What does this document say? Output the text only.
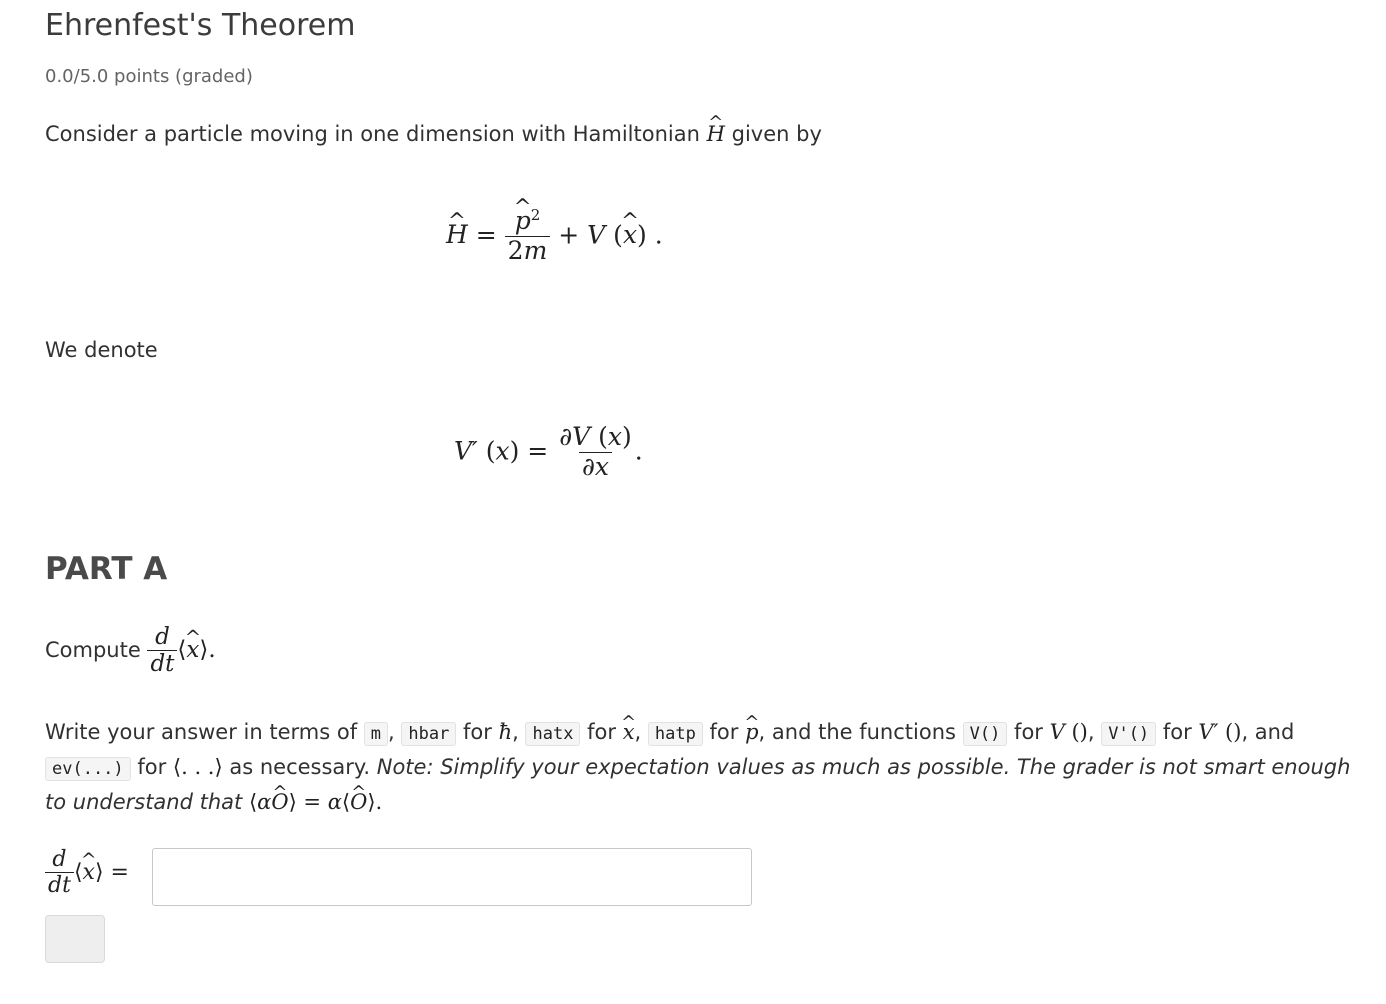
Ehrenfest's Theorem
0.0/5.0 points (graded)
Consider a particle moving in one dimension with Hamiltonian ^ H given by
^ H = ^ $\frac{p^2}{2m} + V$ (^ x) .
We denote
V′ $(x) = \frac{\partial V (x)}{\partial x}$ .
PART A
Compute $\frac{d}{dt}$ ⟨^ x⟩.
Write your answer in terms of m , hbar for ħ, hatx for ^ x, hatp for ^ p, and the functions V() for V (), V'() for V′ (), and ev(...) for ⟨. . .⟩ as necessary. Note: Simplify your expectation values as much as possible. The grader is not smart enough to understand that ⟨α^ O⟩ = α⟨^ O⟩.
$\frac{d}{dt}$ ⟨^ x⟩ =
